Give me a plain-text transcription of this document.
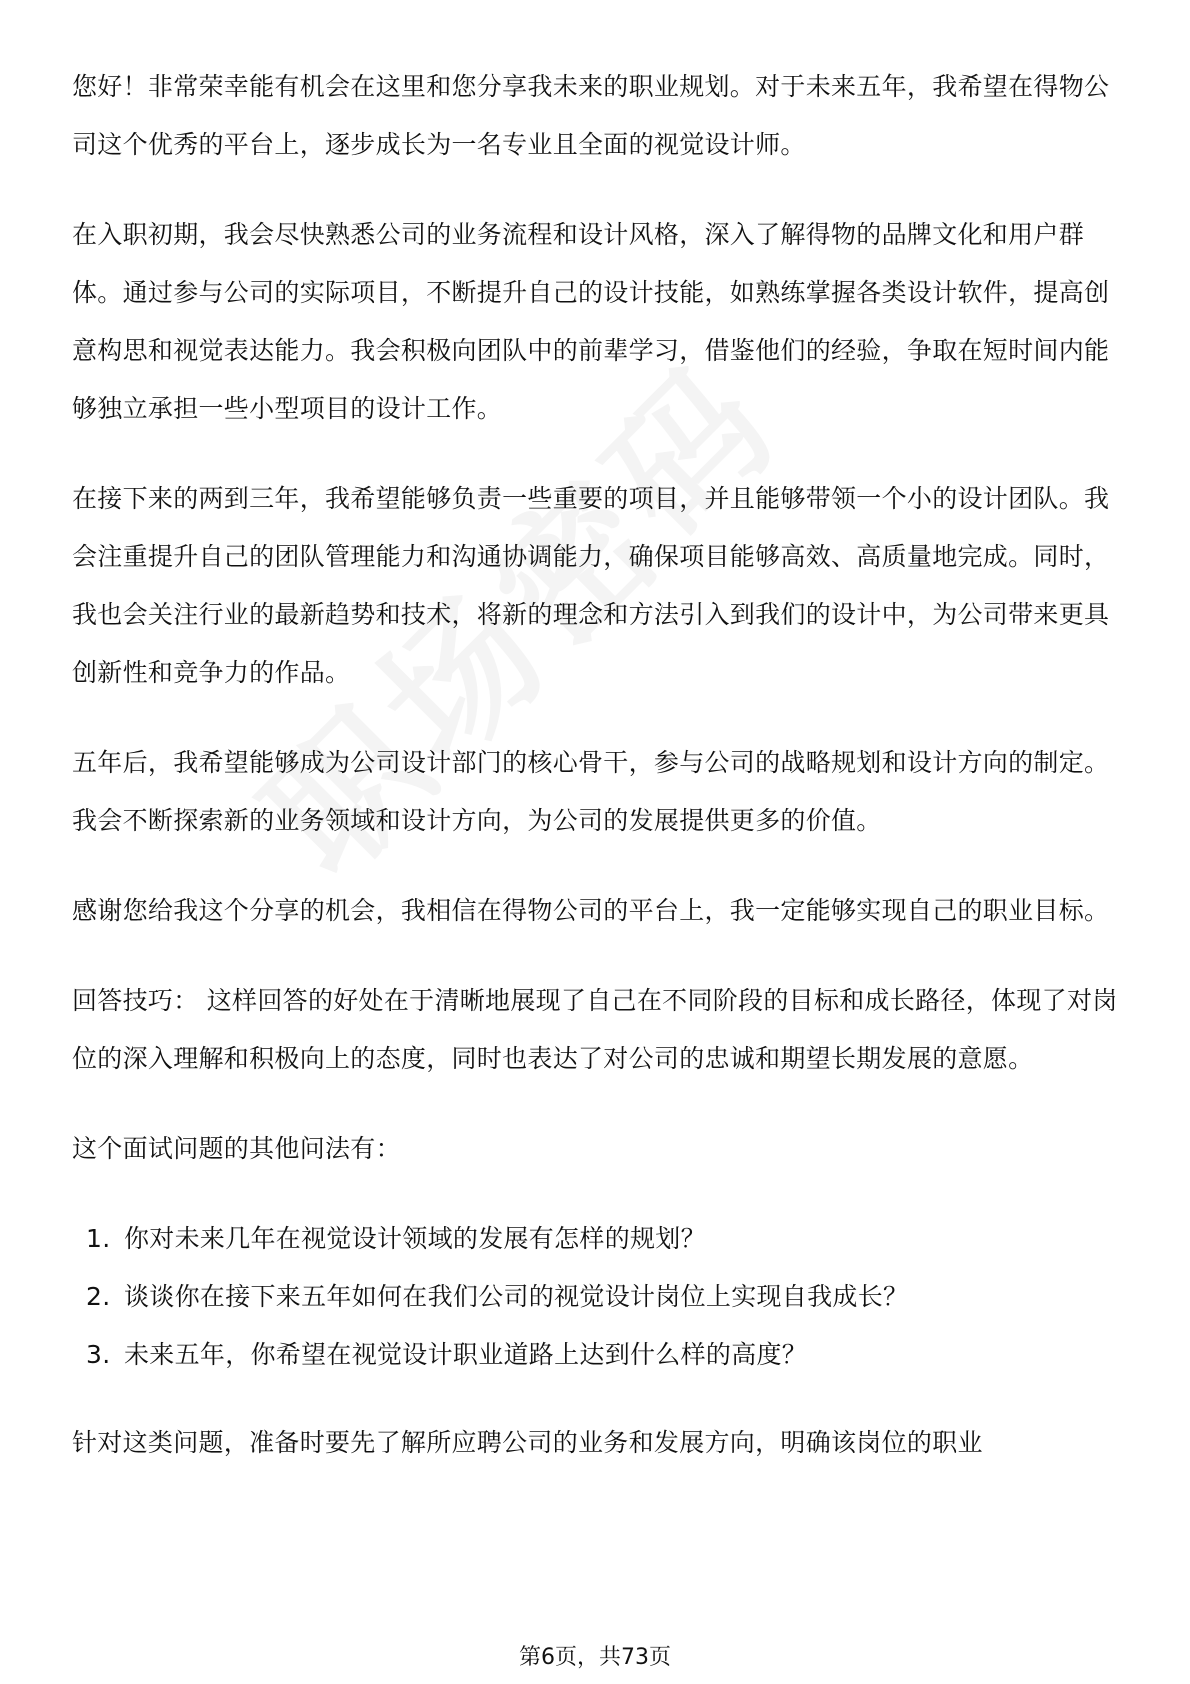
您好！非常荣幸能有机会在这里和您分享我未来的职业规划。对于未来五年，我希望在得物公司这个优秀的平台上，逐步成长为一名专业且全面的视觉设计师。

在入职初期，我会尽快熟悉公司的业务流程和设计风格，深入了解得物的品牌文化和用户群体。通过参与公司的实际项目，不断提升自己的设计技能，如熟练掌握各类设计软件，提高创意构思和视觉表达能力。我会积极向团队中的前辈学习，借鉴他们的经验，争取在短时间内能够独立承担一些小型项目的设计工作。

在接下来的两到三年，我希望能够负责一些重要的项目，并且能够带领一个小的设计团队。我会注重提升自己的团队管理能力和沟通协调能力，确保项目能够高效、高质量地完成。同时，我也会关注行业的最新趋势和技术，将新的理念和方法引入到我们的设计中，为公司带来更具创新性和竞争力的作品。

五年后，我希望能够成为公司设计部门的核心骨干，参与公司的战略规划和设计方向的制定。我会不断探索新的业务领域和设计方向，为公司的发展提供更多的价值。

感谢您给我这个分享的机会，我相信在得物公司的平台上，我一定能够实现自己的职业目标。

回答技巧： 这样回答的好处在于清晰地展现了自己在不同阶段的目标和成长路径，体现了对岗位的深入理解和积极向上的态度，同时也表达了对公司的忠诚和期望长期发展的意愿。

这个面试问题的其他问法有：

1. 你对未来几年在视觉设计领域的发展有怎样的规划？
2. 谈谈你在接下来五年如何在我们公司的视觉设计岗位上实现自我成长？
3. 未来五年，你希望在视觉设计职业道路上达到什么样的高度？

针对这类问题，准备时要先了解所应聘公司的业务和发展方向，明确该岗位的职业

第6页，共73页
